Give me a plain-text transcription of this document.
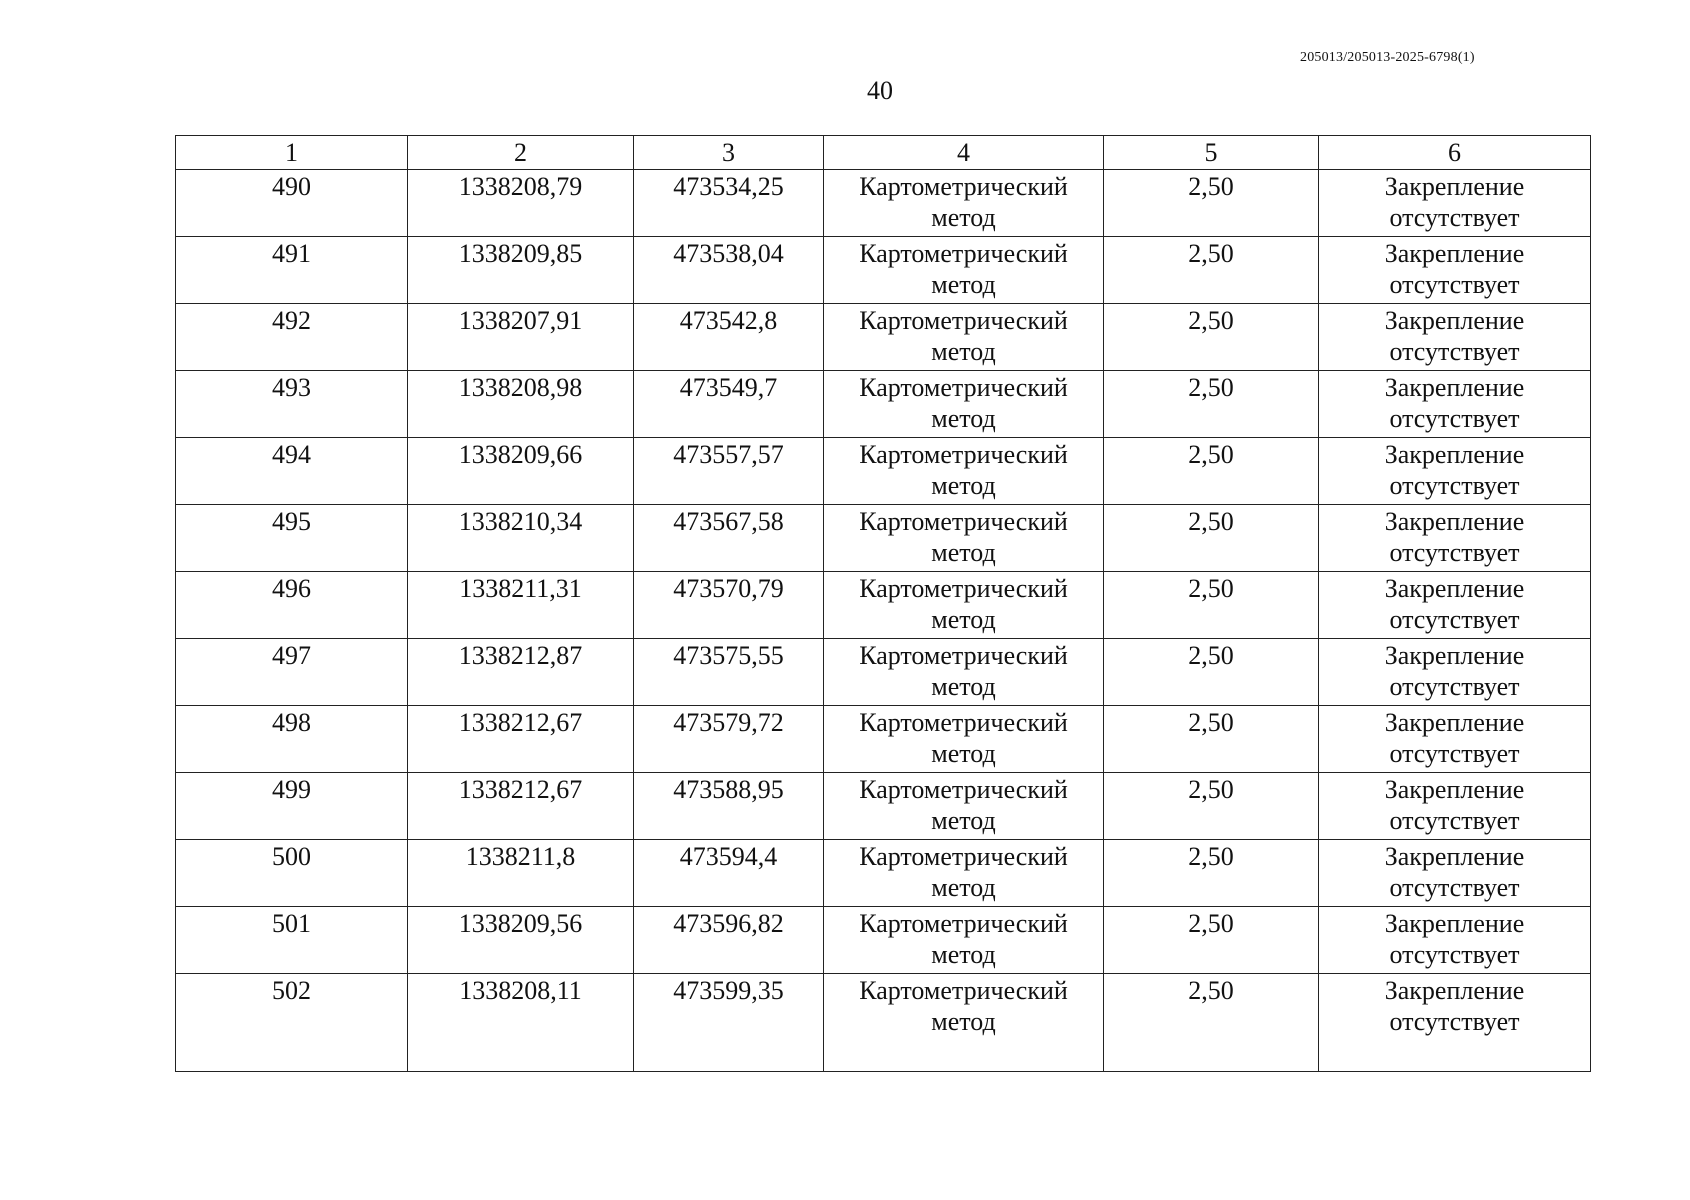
205013/205013-2025-6798(1)
40
1	2	3	4	5	6
490	1338208,79	473534,25	Картометрический метод	2,50	Закрепление отсутствует
491	1338209,85	473538,04	Картометрический метод	2,50	Закрепление отсутствует
492	1338207,91	473542,8	Картометрический метод	2,50	Закрепление отсутствует
493	1338208,98	473549,7	Картометрический метод	2,50	Закрепление отсутствует
494	1338209,66	473557,57	Картометрический метод	2,50	Закрепление отсутствует
495	1338210,34	473567,58	Картометрический метод	2,50	Закрепление отсутствует
496	1338211,31	473570,79	Картометрический метод	2,50	Закрепление отсутствует
497	1338212,87	473575,55	Картометрический метод	2,50	Закрепление отсутствует
498	1338212,67	473579,72	Картометрический метод	2,50	Закрепление отсутствует
499	1338212,67	473588,95	Картометрический метод	2,50	Закрепление отсутствует
500	1338211,8	473594,4	Картометрический метод	2,50	Закрепление отсутствует
501	1338209,56	473596,82	Картометрический метод	2,50	Закрепление отсутствует
502	1338208,11	473599,35	Картометрический метод	2,50	Закрепление отсутствует
